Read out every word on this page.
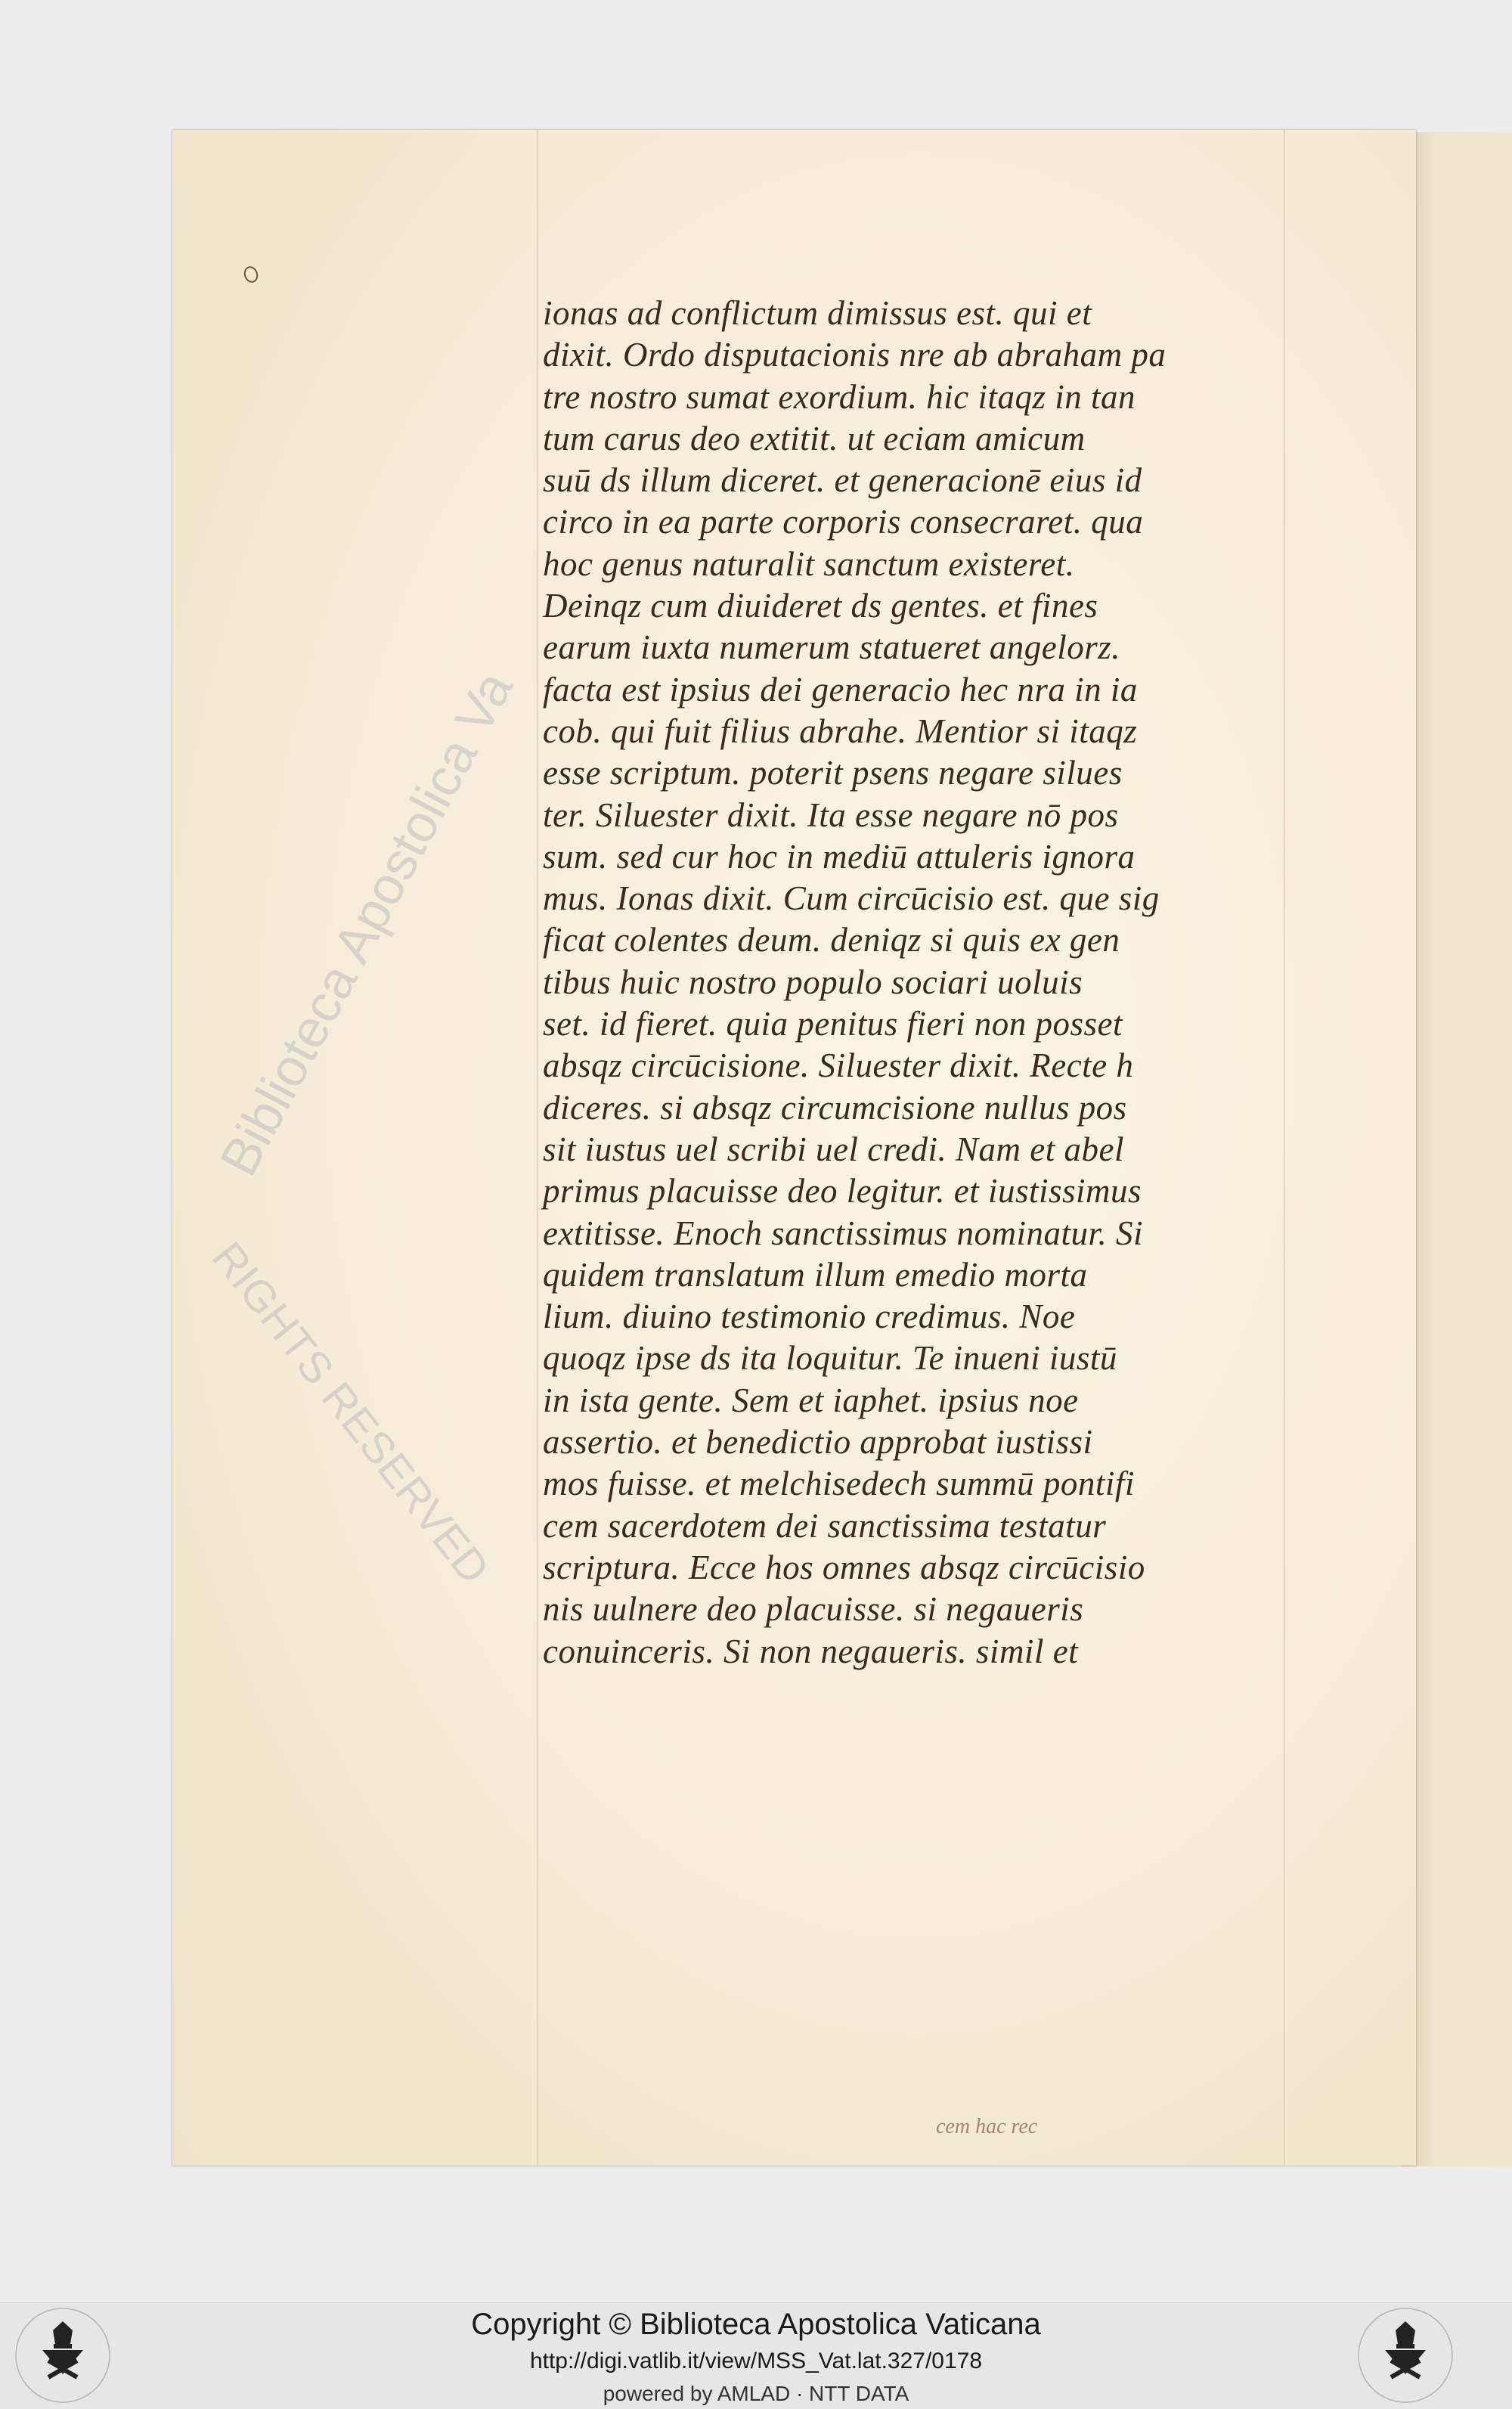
ionas ad conflictum dimissus est. qui et
dixit. Ordo disputacionis nre ab abraham pa
tre nostro sumat exordium. hic itaqz in tan
tum carus deo extitit. ut eciam amicum
suū ds illum diceret. et generacionē eius id
circo in ea parte corporis consecraret. qua
hoc genus naturalit sanctum existeret.
Deinqz cum diuideret ds gentes. et fines
earum iuxta numerum statueret angelorz.
facta est ipsius dei generacio hec nra in ia
cob. qui fuit filius abrahe. Mentior si itaqz
esse scriptum. poterit psens negare silues
ter. Siluester dixit. Ita esse negare nō pos
sum. sed cur hoc in mediū attuleris ignora
mus. Ionas dixit. Cum circūcisio est. que sig
ficat colentes deum. deniqz si quis ex gen
tibus huic nostro populo sociari uoluis
set. id fieret. quia penitus fieri non posset
absqz circūcisione. Siluester dixit. Recte h
diceres. si absqz circumcisione nullus pos
sit iustus uel scribi uel credi. Nam et abel
primus placuisse deo legitur. et iustissimus
extitisse. Enoch sanctissimus nominatur. Si
quidem translatum illum emedio morta
lium. diuino testimonio credimus. Noe
quoqz ipse ds ita loquitur. Te inueni iustū
in ista gente. Sem et iaphet. ipsius noe
assertio. et benedictio approbat iustissi
mos fuisse. et melchisedech summū pontifi
cem sacerdotem dei sanctissima testatur
scriptura. Ecce hos omnes absqz circūcisio
nis uulnere deo placuisse. si negaueris
conuinceris. Si non negaueris. simil et
cem hac rec
Biblioteca Apostolica Va
RIGHTS RESERVED
Copyright © Biblioteca Apostolica Vaticana
http://digi.vatlib.it/view/MSS_Vat.lat.327/0178
powered by AMLAD · NTT DATA
